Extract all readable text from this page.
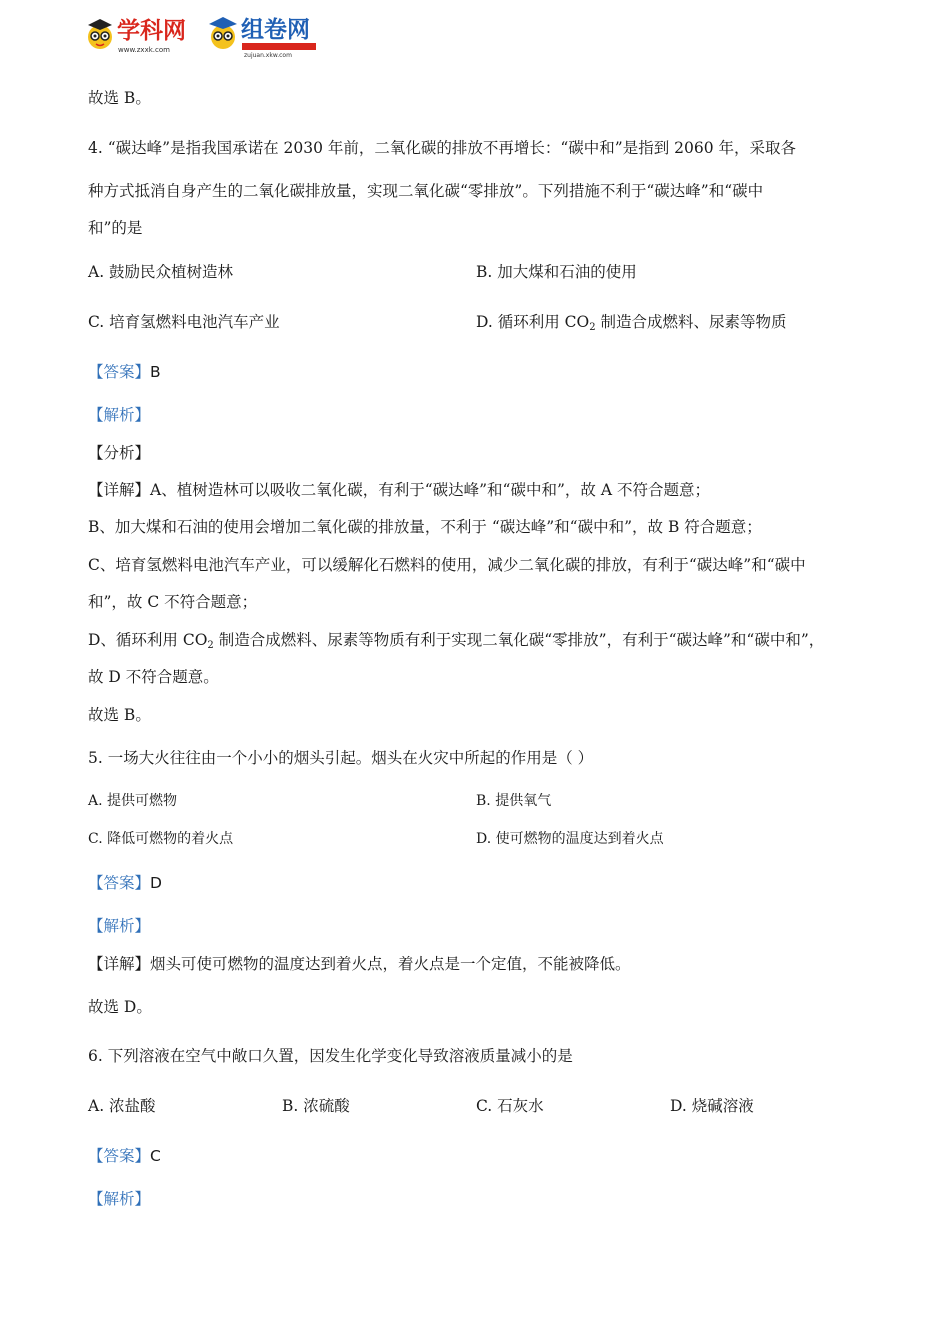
学科网
www.zxxk.com
组卷网
zujuan.xkw.com
故选 B。
4. “碳达峰”是指我国承诺在 2030 年前，二氧化碳的排放不再增长：“碳中和”是指到 2060 年，采取各
种方式抵消自身产生的二氧化碳排放量，实现二氧化碳“零排放”。下列措施不利于“碳达峰”和“碳中
和”的是
A. 鼓励民众植树造林	B. 加大煤和石油的使用
C. 培育氢燃料电池汽车产业	D. 循环利用 $CO_2$ 制造合成燃料、尿素等物质
【答案】B
【解析】
【分析】
【详解】A、植树造林可以吸收二氧化碳，有利于“碳达峰”和“碳中和”，故 A 不符合题意；
B、加大煤和石油的使用会增加二氧化碳的排放量，不利于 “碳达峰”和“碳中和”，故 B 符合题意；
C、培育氢燃料电池汽车产业，可以缓解化石燃料的使用，减少二氧化碳的排放，有利于“碳达峰”和“碳中
和”，故 C 不符合题意；
D、循环利用 $CO_2$ 制造合成燃料、尿素等物质有利于实现二氧化碳“零排放”，有利于“碳达峰”和“碳中和”，
故 D 不符合题意。
故选 B。
5. 一场大火往往由一个小小的烟头引起。烟头在火灾中所起的作用是（ ）
A. 提供可燃物	B. 提供氧气
C. 降低可燃物的着火点	D. 使可燃物的温度达到着火点
【答案】D
【解析】
【详解】烟头可使可燃物的温度达到着火点，着火点是一个定值，不能被降低。
故选 D。
6. 下列溶液在空气中敞口久置，因发生化学变化导致溶液质量减小的是
A. 浓盐酸	B. 浓硫酸	C. 石灰水	D. 烧碱溶液
【答案】C
【解析】
